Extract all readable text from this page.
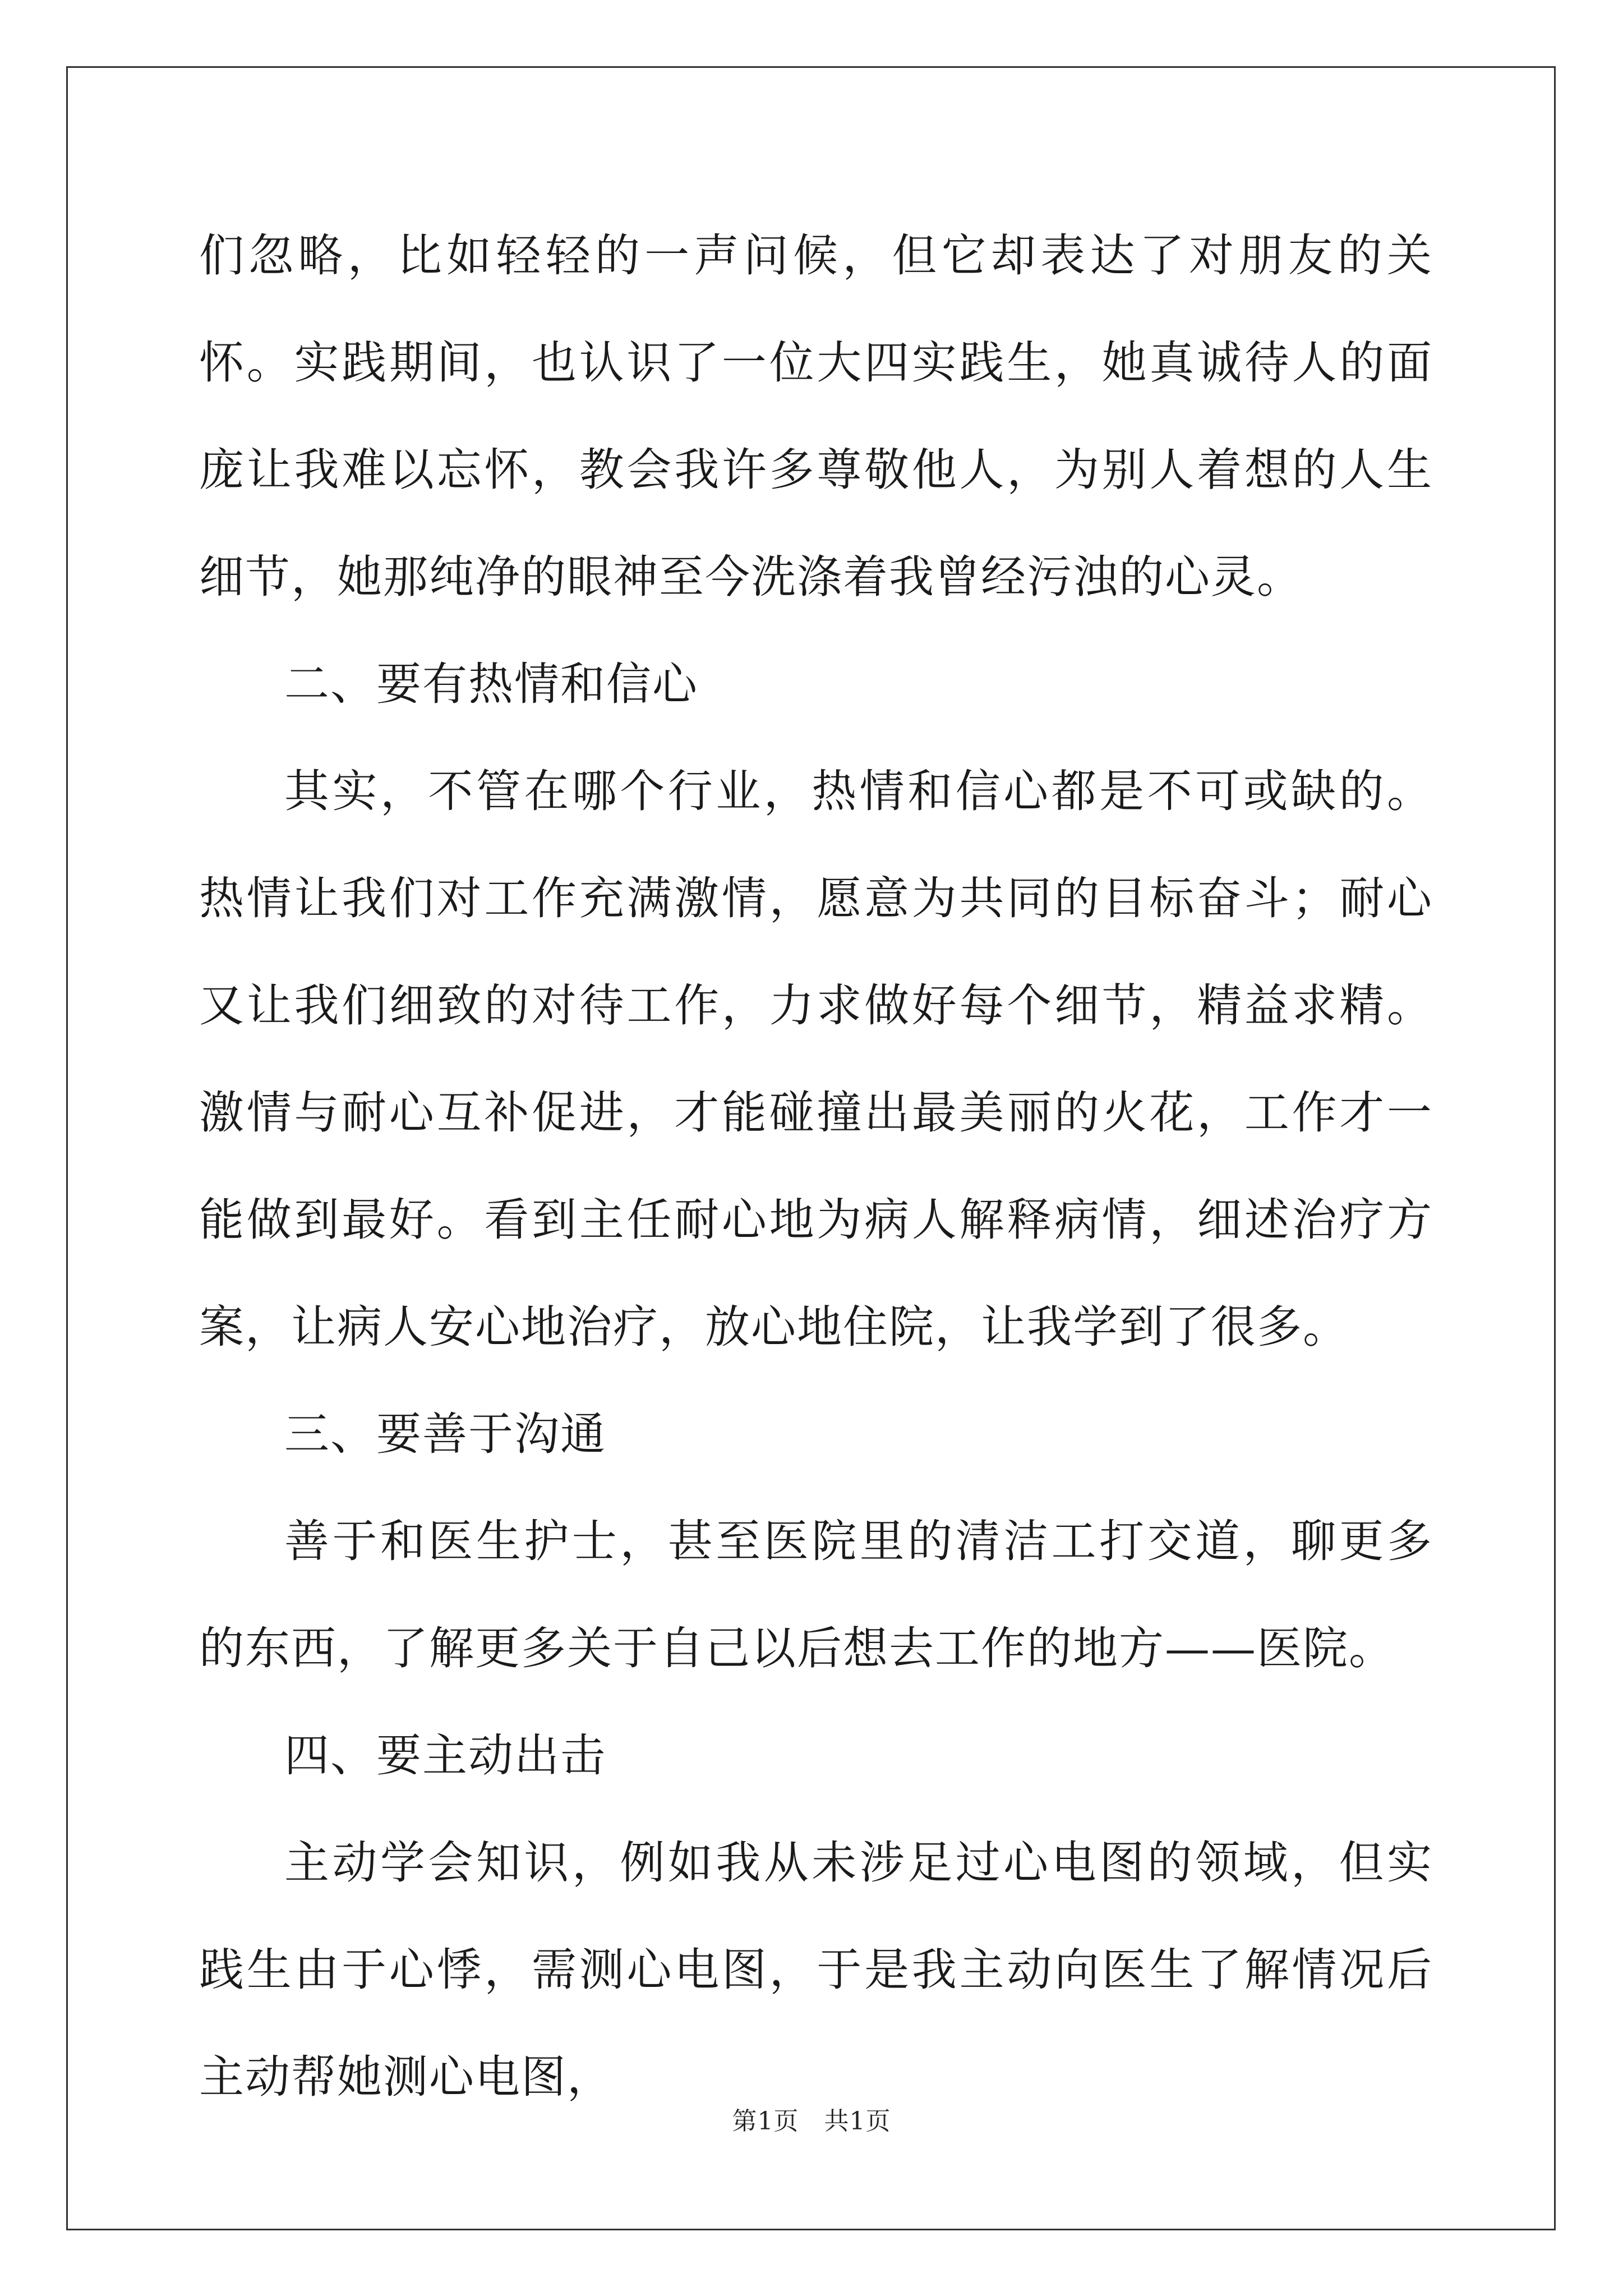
们忽略，比如轻轻的一声问候，但它却表达了对朋友的关怀。实践期间，也认识了一位大四实践生，她真诚待人的面庞让我难以忘怀，教会我许多尊敬他人，为别人着想的人生细节，她那纯净的眼神至今洗涤着我曾经污浊的心灵。

二、要有热情和信心

其实，不管在哪个行业，热情和信心都是不可或缺的。热情让我们对工作充满激情，愿意为共同的目标奋斗；耐心又让我们细致的对待工作，力求做好每个细节，精益求精。激情与耐心互补促进，才能碰撞出最美丽的火花，工作才一能做到最好。看到主任耐心地为病人解释病情，细述治疗方案，让病人安心地治疗，放心地住院，让我学到了很多。

三、要善于沟通

善于和医生护士，甚至医院里的清洁工打交道，聊更多的东西，了解更多关于自己以后想去工作的地方——医院。

四、要主动出击

主动学会知识，例如我从未涉足过心电图的领域，但实践生由于心悸，需测心电图，于是我主动向医生了解情况后主动帮她测心电图，

第1页　共1页
